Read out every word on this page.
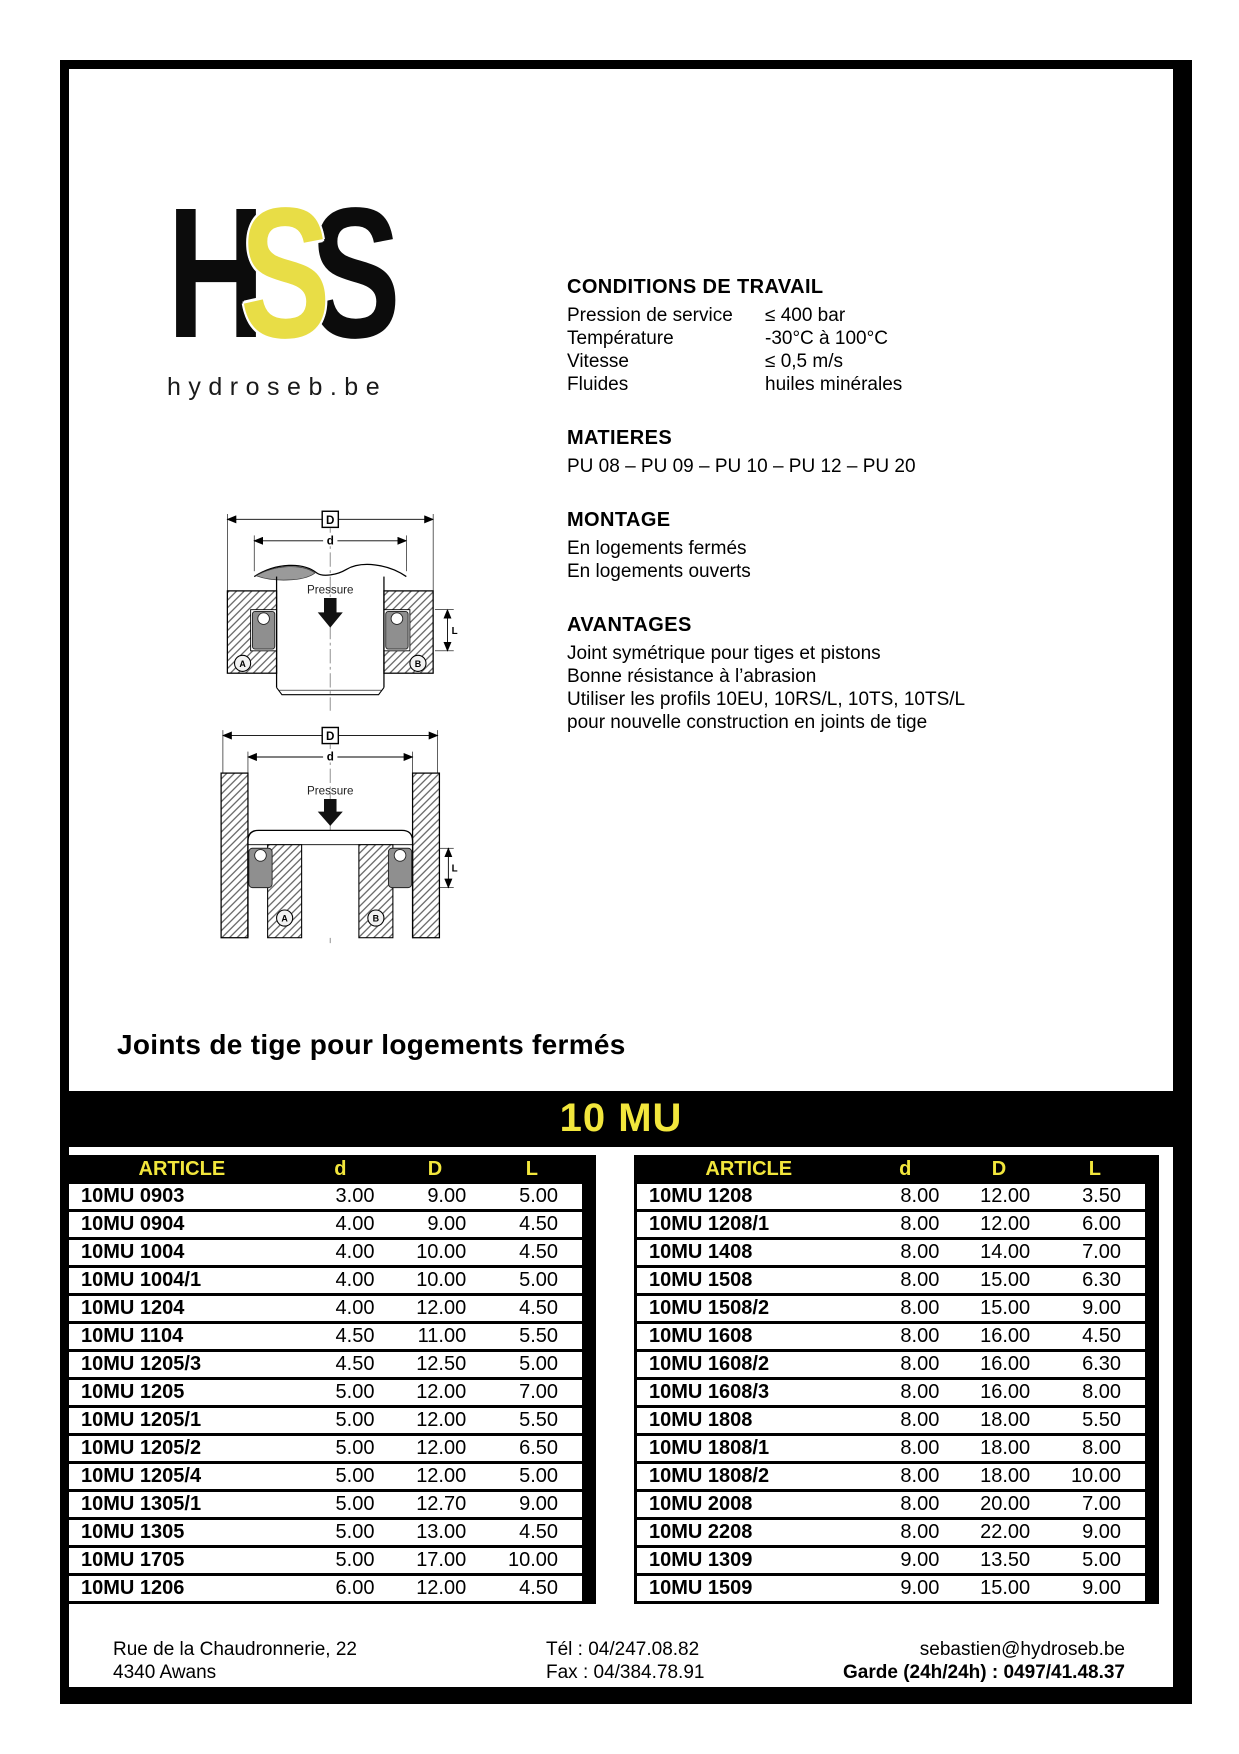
H S
S
hydroseb.be
D
d
Pressure
A	B
L
D
d
Pressure
A	B
L
CONDITIONS DE TRAVAIL
Pression de service	≤ 400 bar
Température	-30°C à 100°C
Vitesse	≤ 0,5 m/s
Fluides	huiles minérales
MATIERES
PU 08 – PU 09 – PU 10 – PU 12 – PU 20
MONTAGE
En logements fermés
En logements ouverts
AVANTAGES
Joint symétrique pour tiges et pistons
Bonne résistance à l’abrasion
Utiliser les profils 10EU, 10RS/L, 10TS, 10TS/L
pour nouvelle construction en joints de tige
Joints de tige pour logements fermés
10 MU
ARTICLE	d	D	L
10MU 0903	3.00	9.00	5.00
10MU 0904	4.00	9.00	4.50
10MU 1004	4.00	10.00	4.50
10MU 1004/1	4.00	10.00	5.00
10MU 1204	4.00	12.00	4.50
10MU 1104	4.50	11.00	5.50
10MU 1205/3	4.50	12.50	5.00
10MU 1205	5.00	12.00	7.00
10MU 1205/1	5.00	12.00	5.50
10MU 1205/2	5.00	12.00	6.50
10MU 1205/4	5.00	12.00	5.00
10MU 1305/1	5.00	12.70	9.00
10MU 1305	5.00	13.00	4.50
10MU 1705	5.00	17.00	10.00
10MU 1206	6.00	12.00	4.50
ARTICLE	d	D	L
10MU 1208	8.00	12.00	3.50
10MU 1208/1	8.00	12.00	6.00
10MU 1408	8.00	14.00	7.00
10MU 1508	8.00	15.00	6.30
10MU 1508/2	8.00	15.00	9.00
10MU 1608	8.00	16.00	4.50
10MU 1608/2	8.00	16.00	6.30
10MU 1608/3	8.00	16.00	8.00
10MU 1808	8.00	18.00	5.50
10MU 1808/1	8.00	18.00	8.00
10MU 1808/2	8.00	18.00	10.00
10MU 2008	8.00	20.00	7.00
10MU 2208	8.00	22.00	9.00
10MU 1309	9.00	13.50	5.00
10MU 1509	9.00	15.00	9.00
Rue de la Chaudronnerie, 22
4340 Awans
Tél : 04/247.08.82
Fax : 04/384.78.91
sebastien@hydroseb.be
Garde (24h/24h) : 0497/41.48.37
